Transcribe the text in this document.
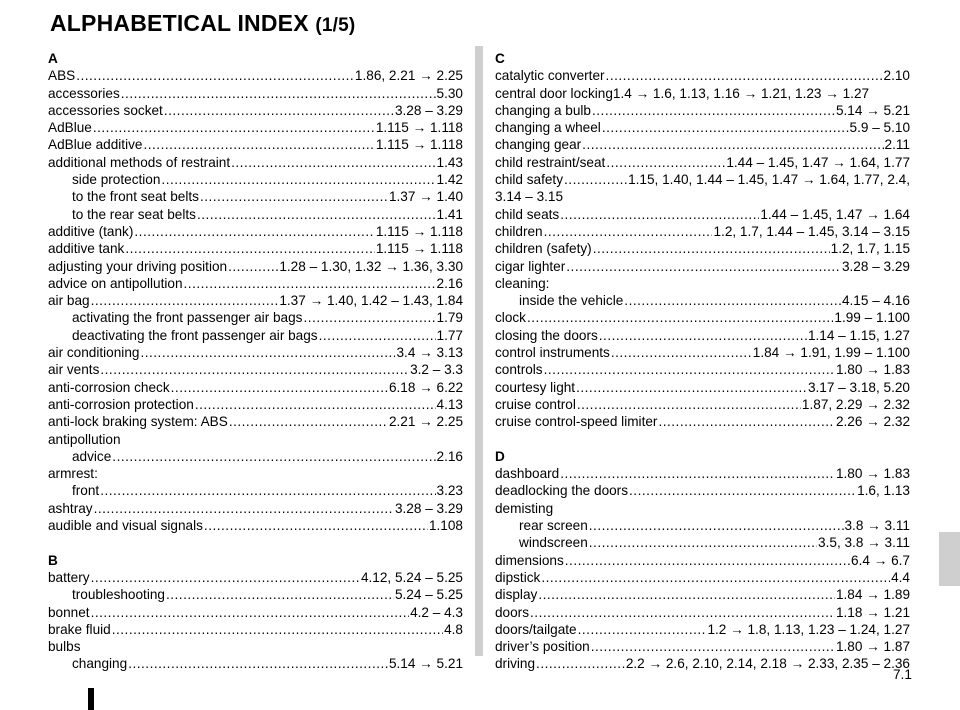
ALPHABETICAL INDEX (1/5)
7.1
A
ABS .....	1.86, 2.21 → 2.25
accessories .....	5.30
accessories socket .....	3.28 – 3.29
AdBlue .....	1.115 → 1.118
AdBlue additive .....	1.115 → 1.118
additional methods of restraint .....	1.43
side protection .....	1.42
to the front seat belts .....	1.37 → 1.40
to the rear seat belts .....	1.41
additive (tank) .....	1.115 → 1.118
additive tank .....	1.115 → 1.118
adjusting your driving position .....	1.28 – 1.30, 1.32 → 1.36, 3.30
advice on antipollution .....	2.16
air bag .....	1.37 → 1.40, 1.42 – 1.43, 1.84
activating the front passenger air bags .....	1.79
deactivating the front passenger air bags .....	1.77
air conditioning .....	3.4 → 3.13
air vents .....	3.2 – 3.3
anti-corrosion check .....	6.18 → 6.22
anti-corrosion protection .....	4.13
anti-lock braking system: ABS .....	2.21 → 2.25
antipollution
advice .....	2.16
armrest:
front .....	3.23
ashtray .....	3.28 – 3.29
audible and visual signals .....	1.108
B
battery .....	4.12, 5.24 – 5.25
troubleshooting .....	5.24 – 5.25
bonnet .....	4.2 – 4.3
brake fluid .....	4.8
bulbs
changing .....	5.14 → 5.21
C
catalytic converter .....	2.10
central door locking1.4 → 1.6, 1.13, 1.16 → 1.21, 1.23 → 1.27
changing a bulb .....	5.14 → 5.21
changing a wheel .....	5.9 – 5.10
changing gear .....	2.11
child restraint/seat .....	1.44 – 1.45, 1.47 → 1.64, 1.77
child safety .....	1.15, 1.40, 1.44 – 1.45, 1.47 → 1.64, 1.77, 2.4,
3.14 – 3.15
child seats .....	1.44 – 1.45, 1.47 → 1.64
children .....	1.2, 1.7, 1.44 – 1.45, 3.14 – 3.15
children (safety) .....	1.2, 1.7, 1.15
cigar lighter .....	3.28 – 3.29
cleaning:
inside the vehicle .....	4.15 – 4.16
clock .....	1.99 – 1.100
closing the doors .....	1.14 – 1.15, 1.27
control instruments .....	1.84 → 1.91, 1.99 – 1.100
controls .....	1.80 → 1.83
courtesy light .....	3.17 – 3.18, 5.20
cruise control .....	1.87, 2.29 → 2.32
cruise control-speed limiter .....	2.26 → 2.32
D
dashboard .....	1.80 → 1.83
deadlocking the doors .....	1.6, 1.13
demisting
rear screen .....	3.8 → 3.11
windscreen .....	3.5, 3.8 → 3.11
dimensions .....	6.4 → 6.7
dipstick .....	4.4
display .....	1.84 → 1.89
doors .....	1.18 → 1.21
doors/tailgate .....	1.2 → 1.8, 1.13, 1.23 – 1.24, 1.27
driver’s position .....	1.80 → 1.87
driving .....	2.2 → 2.6, 2.10, 2.14, 2.18 → 2.33, 2.35 – 2.36
